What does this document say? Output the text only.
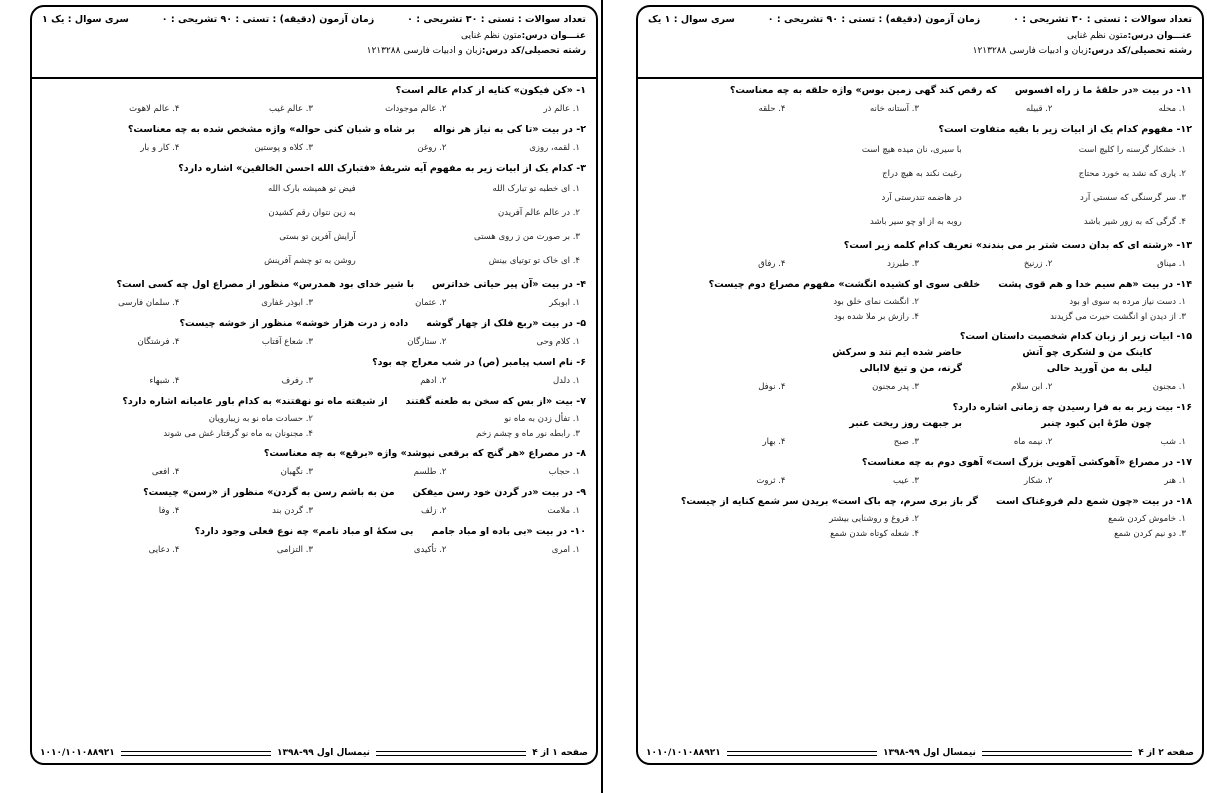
تعداد سوالات : تستی : ۳۰ تشریحی : ۰
زمان آزمون (دقیقه) : تستی : ۹۰ تشریحی : ۰
سری سوال : یک ۱
عنـــوان درس:متون نظم غنایی
رشته تحصیلی/کد درس:زبان و ادبیات فارسی ۱۲۱۳۲۸۸
۱- «کن فیکون» کنایه از کدام عالم است؟
۱. عالم ذر
۲. عالم موجودات
۳. عالم غیب
۴. عالم لاهوت
۲- در بیت «تا کی به نیاز هر نوالهبر شاه و شبان کنی حواله» واژه مشخص شده به چه معناست؟
۱. لقمه، روزی
۲. روغن
۳. کلاه و پوستین
۴. کار و بار
۳- کدام یک از ابیات زیر به مفهوم آیه شریفهٔ «فتبارک الله احسن الخالقین» اشاره دارد؟
۱. ای خطبه تو تبارک الله
فیض تو همیشه بارک الله
۲. در عالم عالم آفریدن
به زین نتوان رقم کشیدن
۳. بر صورت من ز روی هستی
آرایش آفرین تو بستی
۴. ای خاک تو توتیای بینش
روشن به تو چشم آفرینش
۴- در بیت «آن پیر حیاتی خداترسبا شیر خدای بود همدرس» منظور از مصراع اول چه کسی است؟
۱. ابوبکر
۲. عثمان
۳. ابوذر غفاری
۴. سلمان فارسی
۵- در بیت «ربع فلک از چهار گوشهداده ز درت هزار خوشه» منظور از خوشه چیست؟
۱. کلام وحی
۲. ستارگان
۳. شعاع آفتاب
۴. فرشتگان
۶- نام اسب پیامبر (ص) در شب معراج چه بود؟
۱. دلدل
۲. ادهم
۳. رفرف
۴. شبهاء
۷- بیت «از بس که سخن به طعنه گفتنداز شیفته ماه نو نهفتند» به کدام باور عامیانه اشاره دارد؟
۱. تفأل زدن به ماه نو
۲. حسادت ماه نو به زیبارویان
۳. رابطه نور ماه و چشم زخم
۴. مجنونان به ماه نو گرفتار غش می شوند
۸- در مصراع «هر گنج که برقعی نپوشد» واژه «برقع» به چه معناست؟
۱. حجاب
۲. طلسم
۳. نگهبان
۴. افعی
۹- در بیت «در گردن خود رسن میفکنمن به باشم رسن به گردن» منظور از «رسن» چیست؟
۱. ملامت
۲. زلف
۳. گردن بند
۴. وفا
۱۰- در بیت «بی باده او مباد جاممبی سکهٔ او مباد نامم» چه نوع فعلی وجود دارد؟
۱. امری
۲. تأکیدی
۳. التزامی
۴. دعایی
صفحه ۱ از ۴
نیمسال اول ۹۹-۱۳۹۸
۱۰۱۰/۱۰۱۰۸۸۹۲۱
تعداد سوالات : تستی : ۳۰ تشریحی : ۰
زمان آزمون (دقیقه) : تستی : ۹۰ تشریحی : ۰
سری سوال : ۱ یک
عنـــوان درس:متون نظم غنایی
رشته تحصیلی/کد درس:زبان و ادبیات فارسی ۱۲۱۳۲۸۸
۱۱- در بیت «در حلقهٔ ما ز راه افسوسکه رقص کند گهی زمین بوس» واژه حلقه به چه معناست؟
۱. محله
۲. قبیله
۳. آستانه خانه
۴. حلقه
۱۲- مفهوم کدام یک از ابیات زیر با بقیه متفاوت است؟
۱. خشکار گرسنه را کلیچ است
با سیری، نان میده هیچ است
۲. یاری که نشد به خورد محتاج
رغبت نکند به هیچ دراج
۳. سر گرسنگی که سستی آرد
در هاضمه تندرستی آرد
۴. گرگی که به زور شیر باشد
روبه به از او چو سیر باشد
۱۳- «رشته ای که بدان دست شتر بر می بندند» تعریف کدام کلمه زیر است؟
۱. میناق
۲. زرنیخ
۳. طبرزد
۴. رفاق
۱۴- در بیت «هم سیم خدا و هم قوی پشتخلقی سوی او کشیده انگشت» مفهوم مصراع دوم چیست؟
۱. دست نیاز مرده به سوی او بود
۲. انگشت نمای خلق بود
۳. از دیدن او انگشت حیرت می گزیدند
۴. رازش بر ملا شده بود
۱۵- ابیات زیر از زبان کدام شخصیت داستان است؟
کاینک من و لشکری چو آتش
حاضر شده ایم تند و سرکش
لیلی به من آورید حالی
گرنه، من و تیغ لاابالی
۱. مجنون
۲. ابن سلام
۳. پدر مجنون
۴. نوفل
۱۶- بیت زیر به به فرا رسیدن چه زمانی اشاره دارد؟
چون طرّهٔ این کبود چنبر
بر جبهت روز ریخت عنبر
۱. شب
۲. نیمه ماه
۳. صبح
۴. بهار
۱۷- در مصراع «آهوکشی آهویی بزرگ است» آهوی دوم به چه معناست؟
۱. هنر
۲. شکار
۳. عیب
۴. ثروت
۱۸- در بیت «چون شمع دلم فروغناک استگر باز بری سرم، چه باک است» بریدن سر شمع کنایه از چیست؟
۱. خاموش کردن شمع
۲. فروغ و روشنایی بیشتر
۳. دو نیم کردن شمع
۴. شعله کوتاه شدن شمع
صفحه ۲ از ۴
نیمسال اول ۹۹-۱۳۹۸
۱۰۱۰/۱۰۱۰۸۸۹۲۱
